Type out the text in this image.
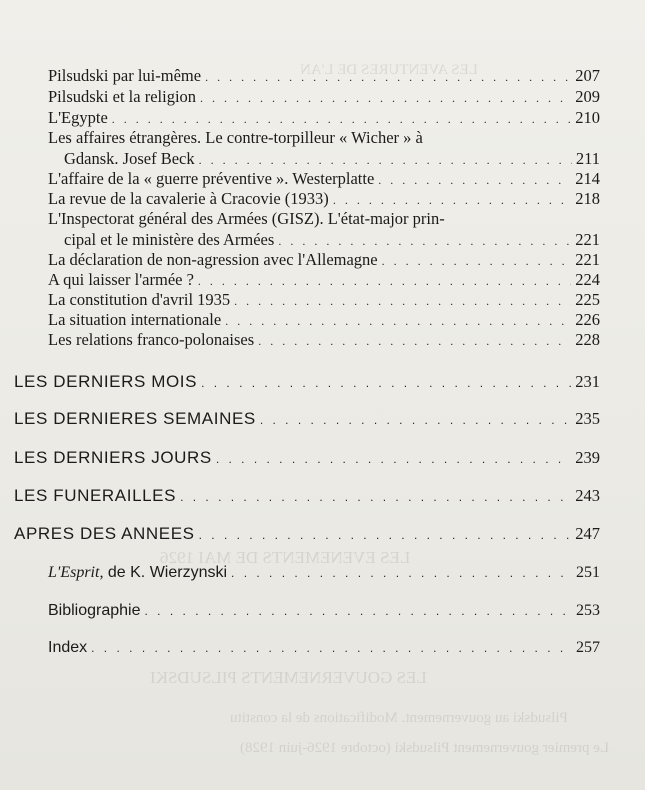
LES AVENTURES DE L'AN
LES EVENEMENTS DE MAI 1926
LES GOUVERNEMENTS PILSUDSKI
Pilsudski au gouvernement. Modifications de la constitu
Le premier gouvernement Pilsudski (octobre 1926-juin 1928)
Pilsudski par lui-même . . .	207
Pilsudski et la religion . . .	209
L'Egypte . . .	210
Les affaires étrangères. Le contre-torpilleur « Wicher » à
Gdansk. Josef Beck . . .	211
L'affaire de la « guerre préventive ». Westerplatte . . .	214
La revue de la cavalerie à Cracovie (1933) . . .	218
L'Inspectorat général des Armées (GISZ). L'état-major prin-
cipal et le ministère des Armées . . .	221
La déclaration de non-agression avec l'Allemagne . . .	221
A qui laisser l'armée ? . . .	224
La constitution d'avril 1935 . . .	225
La situation internationale . . .	226
Les relations franco-polonaises . . .	228
LES DERNIERS MOIS . . .	231
LES DERNIERES SEMAINES . . .	235
LES DERNIERS JOURS . . .	239
LES FUNERAILLES . . .	243
APRES DES ANNEES . . .	247
L'Esprit, de K. Wierzynski . . .	251
Bibliographie . . .	253
Index . . .	257
